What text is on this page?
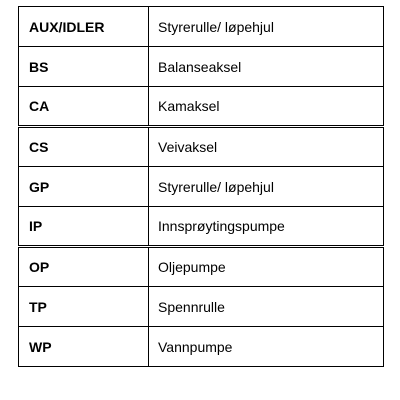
AUX/IDLER	Styrerulle/ løpehjul
BS	Balanseaksel
CA	Kamaksel
CS	Veivaksel
GP	Styrerulle/ løpehjul
IP	Innsprøytingspumpe
OP	Oljepumpe
TP	Spennrulle
WP	Vannpumpe
